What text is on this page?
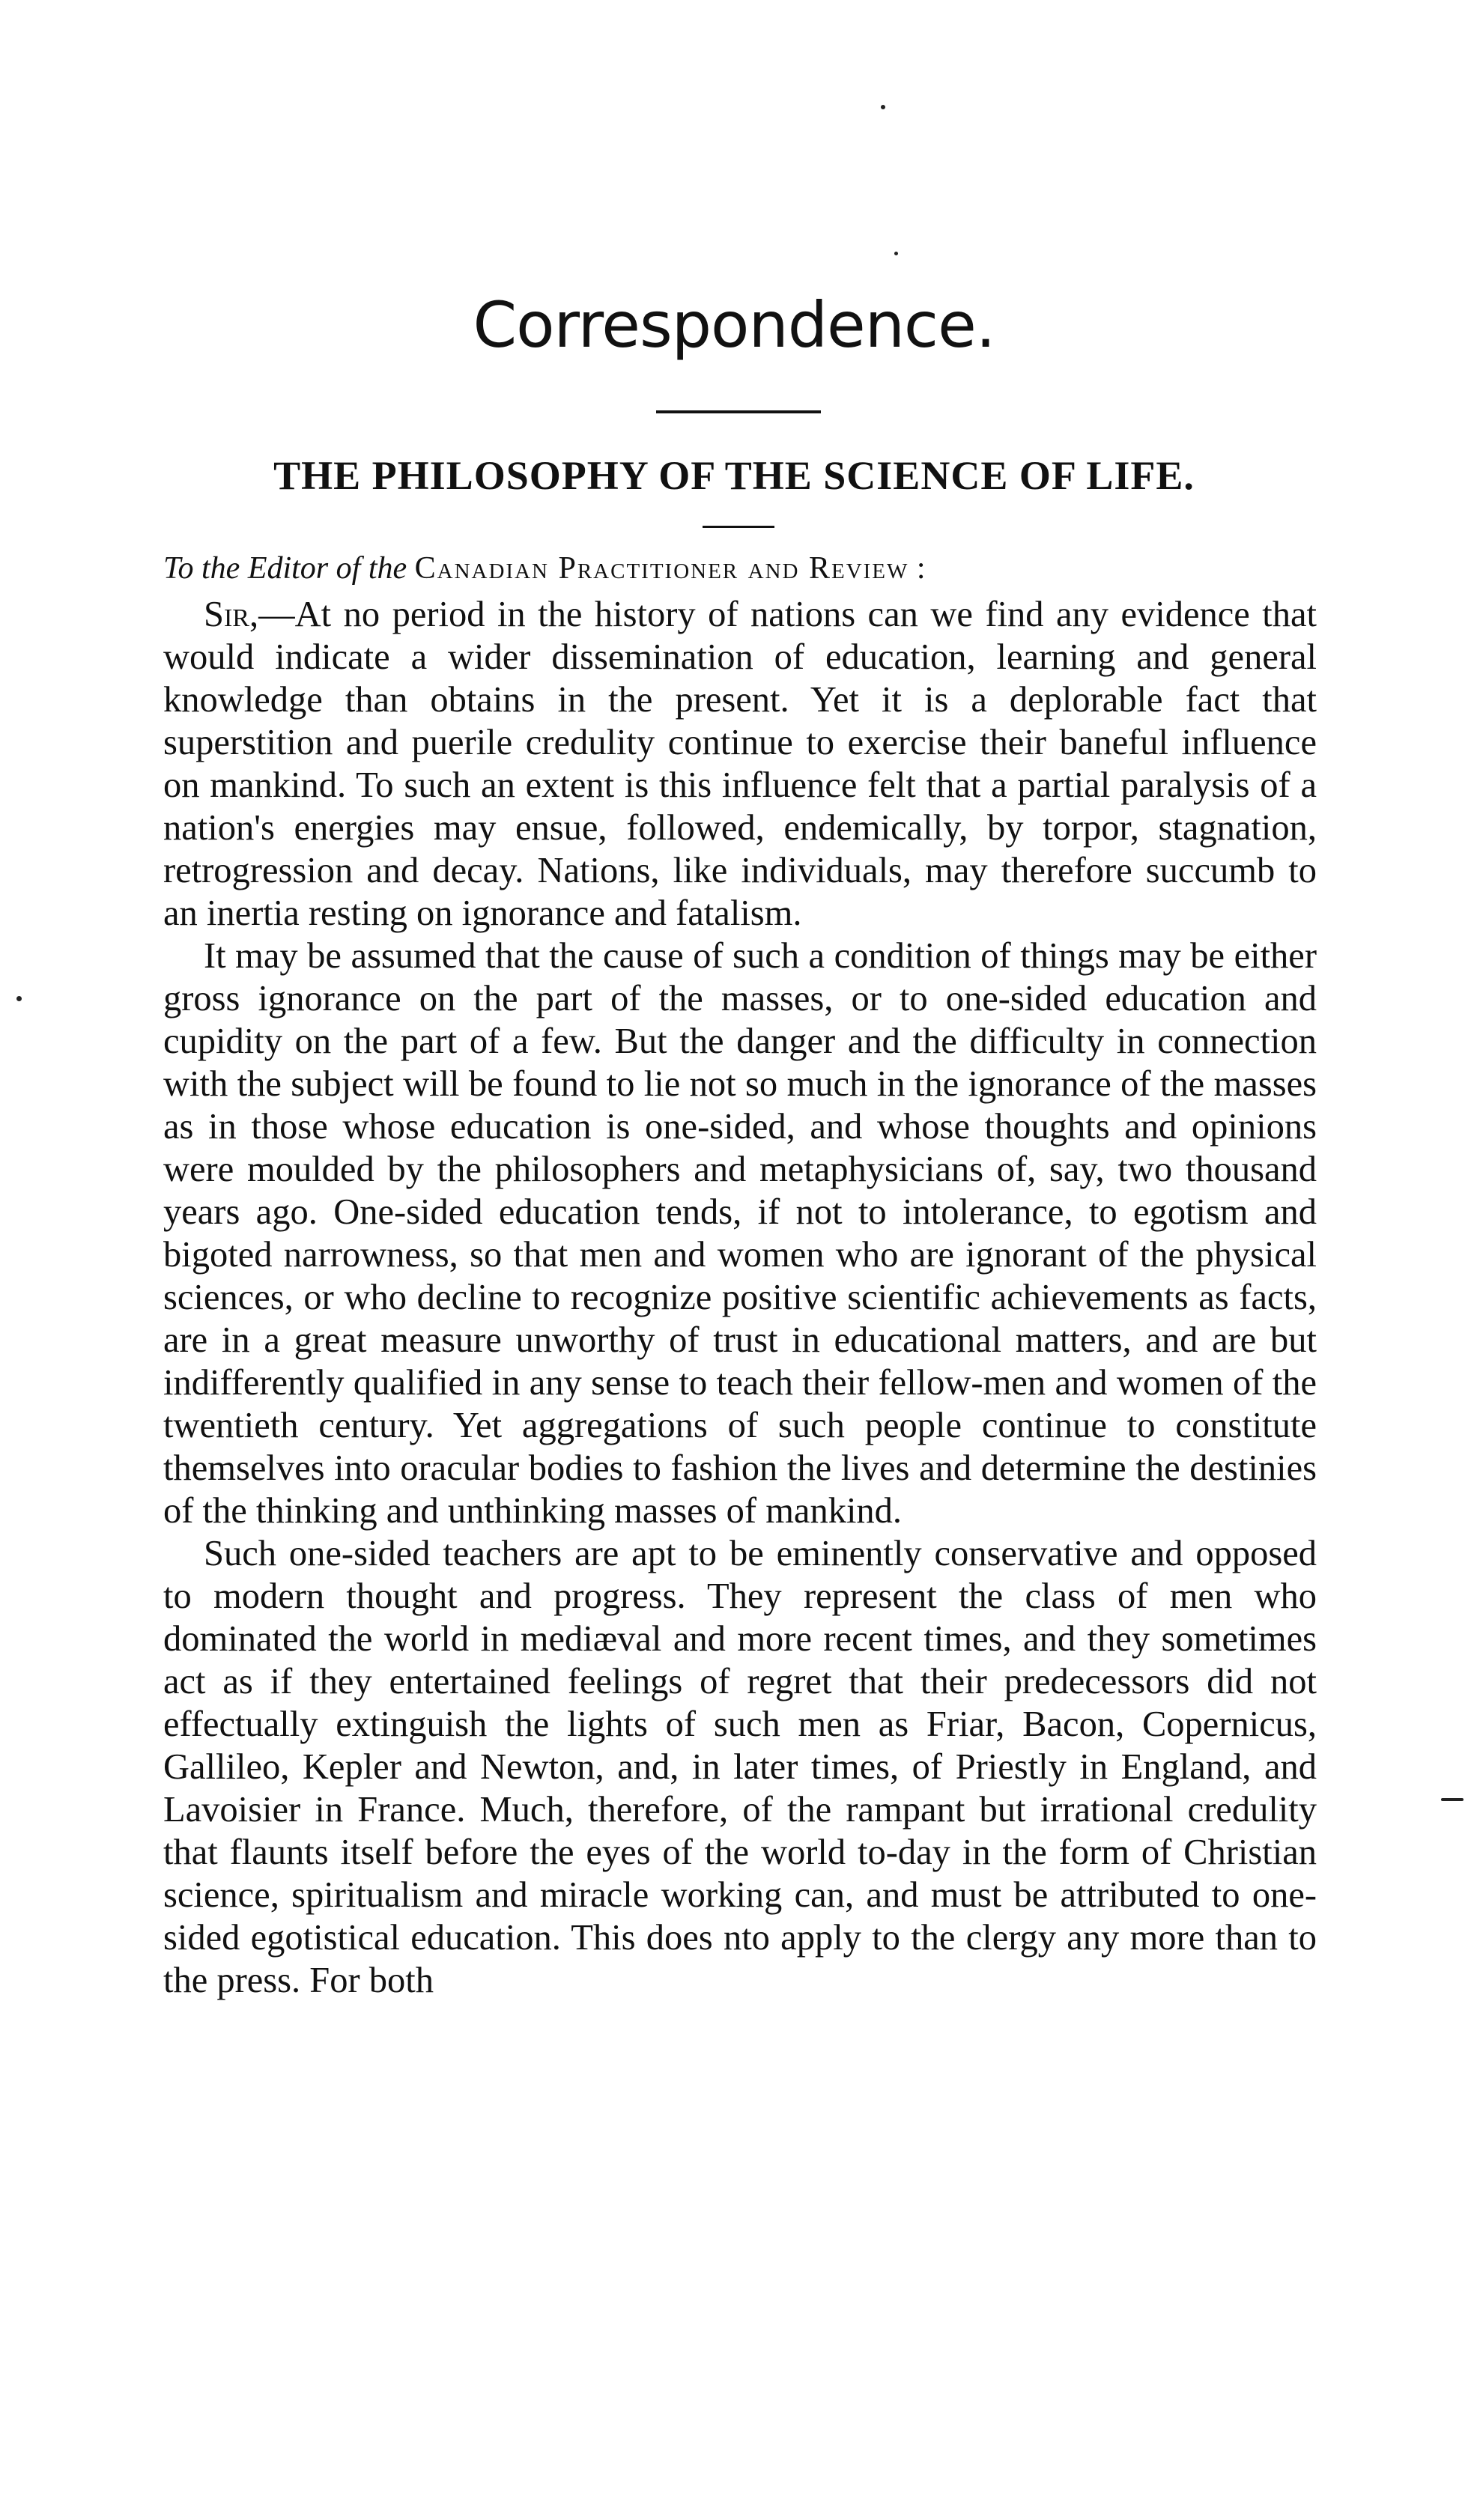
Correspondence.
THE PHILOSOPHY OF THE SCIENCE OF LIFE.
To the Editor of the Canadian Practitioner and Review :

Sir,—At no period in the history of nations can we find any evidence that would indicate a wider dissemination of education, learning and general knowledge than obtains in the present. Yet it is a deplorable fact that superstition and puerile credulity continue to exercise their baneful influence on mankind. To such an extent is this influence felt that a partial paralysis of a nation's energies may ensue, followed, endemically, by torpor, stagnation, retrogression and decay. Nations, like individuals, may therefore succumb to an inertia resting on ignorance and fatalism.

It may be assumed that the cause of such a condition of things may be either gross ignorance on the part of the masses, or to one-sided education and cupidity on the part of a few. But the danger and the difficulty in connection with the subject will be found to lie not so much in the ignorance of the masses as in those whose education is one-sided, and whose thoughts and opinions were moulded by the philosophers and metaphysicians of, say, two thousand years ago. One-sided education tends, if not to intolerance, to egotism and bigoted narrowness, so that men and women who are ignorant of the physical sciences, or who decline to recognize positive scientific achievements as facts, are in a great measure unworthy of trust in educational matters, and are but indifferently qualified in any sense to teach their fellow-men and women of the twentieth century. Yet aggregations of such people continue to constitute themselves into oracular bodies to fashion the lives and determine the destinies of the thinking and unthinking masses of mankind.

Such one-sided teachers are apt to be eminently conservative and opposed to modern thought and progress. They represent the class of men who dominated the world in mediæval and more recent times, and they sometimes act as if they entertained feelings of regret that their predecessors did not effectually extinguish the lights of such men as Friar, Bacon, Copernicus, Gallileo, Kepler and Newton, and, in later times, of Priestly in England, and Lavoisier in France. Much, therefore, of the rampant but irrational credulity that flaunts itself before the eyes of the world to-day in the form of Christian science, spiritualism and miracle working can, and must be attributed to one-sided egotistical education. This does nto apply to the clergy any more than to the press. For both
